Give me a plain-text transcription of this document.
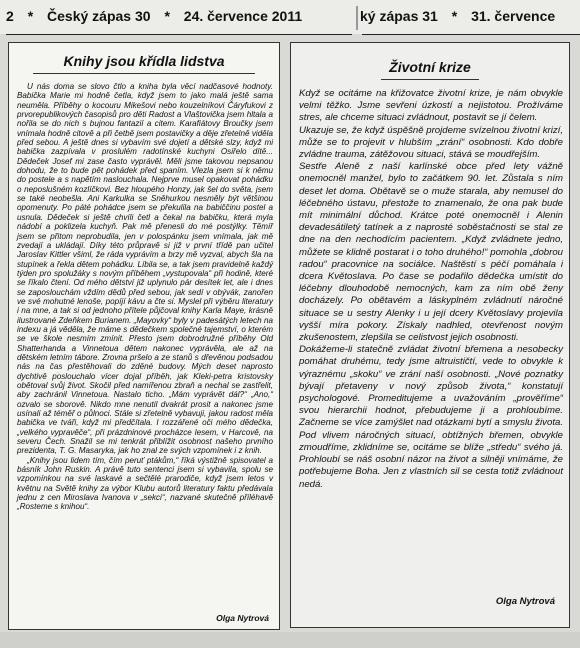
2 * Český zápas 30 * 24. července 2011	ký zápas 31 * 31. července
Knihy jsou křídla lidstva

U nás doma se slovo čtlo a kniha byla věcí nadčasové hodnoty. Babička Marie mi hodně četla, když jsem to jako malá ještě sama neuměla. Příběhy o kocouru Mikešovi nebo kouzelníkovi Čáryfukovi z prvorepublikových časopisů pro děti Radost a Vlaštovička jsem hltala a nořila se do nich s bujnou fantazií a citem. Karafiátovy Broučky jsem vnímala hodně citově a při četbě jsem postavičky a děje zřetelně viděla před sebou. A ještě dnes si vybavím své dojetí a dětské slzy, když mi babička zazpívala v proslulém radotínské kuchyni Osiřelo dítě... Dědeček Josef mi zase často vyprávěl. Měli jsme takovou nepsanou dohodu, že to bude pět pohádek před spaním. Vlezla jsem si k němu do postele a s napětím naslouchala. Nejprve musel opakovat pohádku o neposlušném kozlíčkovi. Bez hloupého Honzy, jak šel do světa, jsem se také neobešla. Ani Karkulka se Sněhurkou nesměly být většinou opomenuty. Po páté pohádce jsem se překulila na babiččinu postel a usnula. Dědeček si ještě chvíli četl a čekal na babičku, která myla nádobí a poklizela kuchyň. Pak mě přenesli do mé postýlky. Těmíř jsem se přitom neprobudila, jen v polospánku jsem vnímala, jak mě zvedají a ukládají. Díky této průpravě si již v první třídě pan učitel Jaroslav Kittler všiml, že ráda vyprávím a brzy mě vyzval, abych šla na stupínek a řekla dětem pohádku. Líbila se, a tak jsem pravidelně každý týden pro spolužáky s novým příběhem „vystupovala“ při hodině, které se říkalo čtení. Od mého dětství již uplynulo pár desítek let, ale i dnes se zaposlouchám vždím dědů před sebou, jak sedí v obývák, zanořen ve své mohutné lenoše, popíjí kávu a čte si. Myslel při výběru literatury i na mne, a tak si od jednoho přítele půjčoval knihy Karla Maye, krásně ilustrované Zdeňkem Burianem. „Mayovky“ byly v padesátých letech na indexu a já věděla, že máme s dědečkem společné tajemství, o kterém se ve škole nesmím zmínit. Přesto jsem dobrodružné příběhy Old Shatterhanda a Vinnetoua dětem nakonec vyprávěla, ale až na dětském letním tábore. Zrovna pršelo a ze stanů s dřevěnou podsadou nás na čas přestěhovali do zděné budovy. Mých deset naprosto dychtivě poslouchalo vícer dojal příběh, jak Kleki-petra kristovsky obětoval svůj život. Skočil před namířenou zbraň a nechal se zastřelit, aby zachránil Vinnetoua. Nastalo ticho. „Mám vyprávět dál?“ „Ano,“ ozvalo se sborově. Nikdo mne nenutil dvakrát prosit a nakonec jsme usínali až téměř o půlnoci. Stále si zřetelně vybavuji, jakou radost měla babička ve tváři, když mi předčítala. I rozzářené oči mého dědečka, „velkého vypravěče“, při prázdninové procházce lesem, v Harcově, na severu Čech. Snažil se mi tenkrát přiblížit osobnost našeho prvního prezidenta, T. G. Masaryka, jak ho znal ze svých vzpomínek i z knih.

„Knihy jsou lidem tím, čím peruť ptákům,“ říká výstižně spisovatel a básník John Ruskin. A právě tuto sentenci jsem si vybavila, spolu se vzpomínkou na své laskavé a sečtělé prarodiče, když jsem letos v květnu na Světě knihy za výbor Klubu autorů literatury faktu předávala jednu z cen Miroslava Ivanova v „sekci“, nazvané skutečně příléhavě „Rosteme s knihou“.

Olga Nytrová
Životní krize

Když se ocitáme na křižovatce životní krize, je nám obvykle velmi těžko. Jsme sevřeni úzkostí a nejistotou. Prožíváme stres, ale chceme situaci zvládnout, postavit se jí čelem.

Ukazuje se, že když úspěšně projdeme svízelnou životní krizí, může se to projevit v hlubším „zrání“ osobnosti. Kdo dobře zvládne trauma, zátěžovou situaci, stává se moudřejším.

Sestře Aleně z naší karlínské obce před lety vážně onemocněl manžel, bylo to začátkem 90. let. Zůstala s ním deset let doma. Obětavě se o muže starala, aby nemusel do léčebného ústavu, přestože to znamenalo, že ona pak bude mít minimální důchod. Krátce poté onemocněl i Alenin devadesátiletý tatínek a z naprosté soběstačnosti se stal ze dne na den nechodícím pacientem. „Když zvládnete jedno, můžete se klidně postarat i o toho druhého!“ pomohla „dobrou radou“ pracovnice na sociálce. Naštěstí s péčí pomáhala i dcera Květoslava. Po čase se podařilo dědečka umístit do léčebny dlouhodobě nemocných, kam za ním obě ženy docházely. Po obětavém a láskyplném zvládnutí náročné situace se u sestry Alenky i u její dcery Květoslavy projevila vyšší míra pokory. Získaly nadhled, otevřenost novým zkušenostem, zlepšila se celistvost jejich osobnosti.

Dokážeme-li statečně zvládat životní břemena a nesobecky pomáhat druhému, tedy jsme altruističtí, vede to obvykle k výraznému „skoku“ ve zrání naší osobnosti. „Nové poznatky bývají přetaveny v nový způsob života,“ konstatují psychologové. Promeditujeme a uvažováním „prověříme“ svou hierarchii hodnot, přebudujeme ji a prohloubíme. Začneme se více zamýšlet nad otázkami bytí a smyslu života. Pod vlivem náročných situací, obtížných břemen, obvykle zmoudříme, zklidníme se, ocitáme se blíže „středu“ svého já. Prohloubí se náš osobní názor na život a silněji vnímáme, že potřebujeme Boha. Jen z vlastních sil se cesta totiž zvládnout nedá.

Olga Nytrová
